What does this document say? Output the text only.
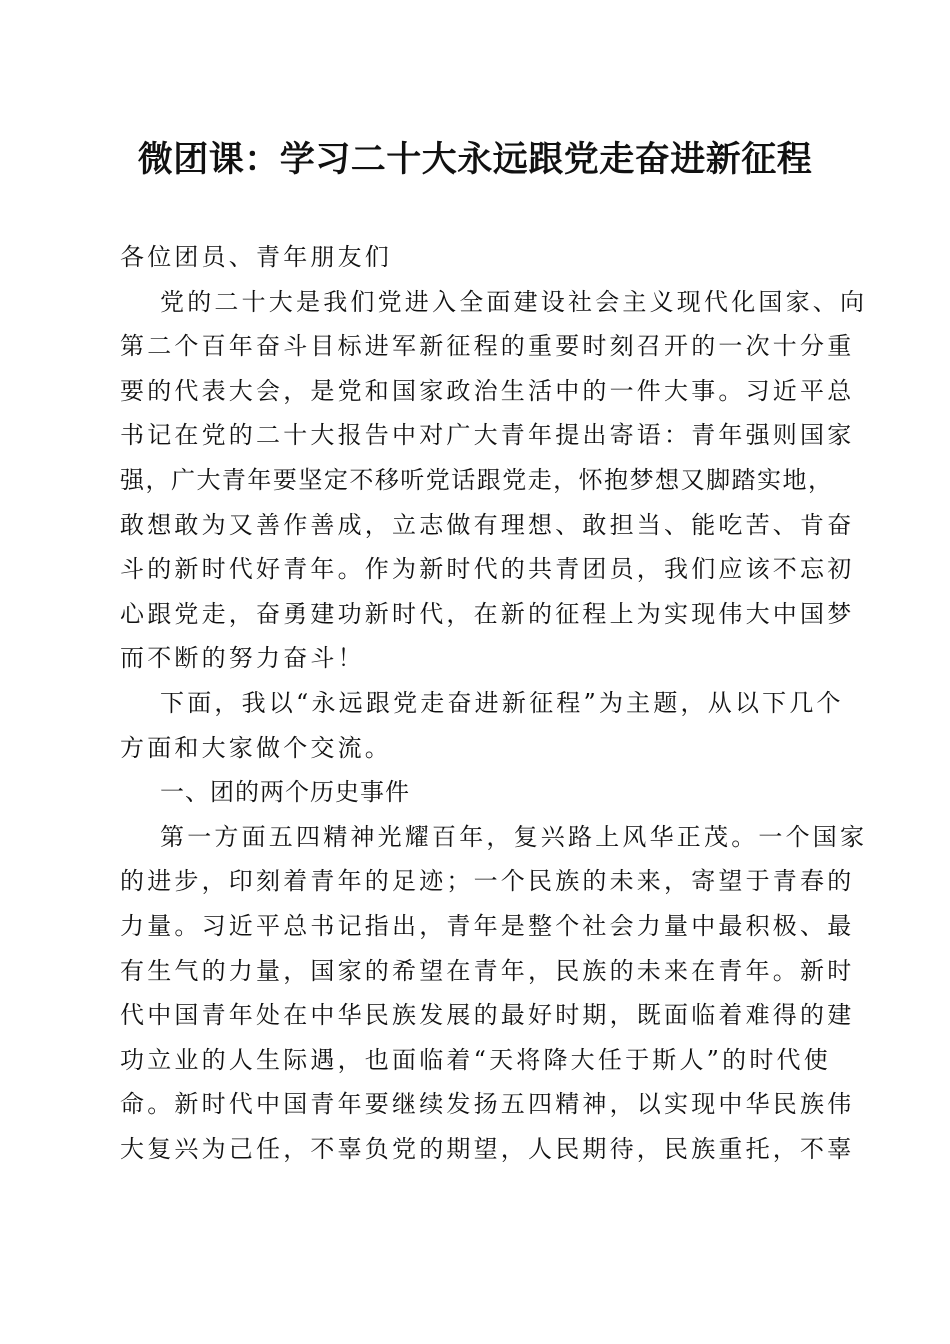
微团课：学习二十大永远跟党走奋进新征程
各位团员、青年朋友们
党的二十大是我们党进入全面建设社会主义现代化国家、向
第二个百年奋斗目标进军新征程的重要时刻召开的一次十分重
要的代表大会，是党和国家政治生活中的一件大事。习近平总
书记在党的二十大报告中对广大青年提出寄语：青年强则国家
强，广大青年要坚定不移听党话跟党走，怀抱梦想又脚踏实地，
敢想敢为又善作善成，立志做有理想、敢担当、能吃苦、肯奋
斗的新时代好青年。作为新时代的共青团员，我们应该不忘初
心跟党走，奋勇建功新时代，在新的征程上为实现伟大中国梦
而不断的努力奋斗！
下面，我以“永远跟党走奋进新征程”为主题，从以下几个
方面和大家做个交流。
一、团的两个历史事件
第一方面五四精神光耀百年，复兴路上风华正茂。一个国家
的进步，印刻着青年的足迹；一个民族的未来，寄望于青春的
力量。习近平总书记指出，青年是整个社会力量中最积极、最
有生气的力量，国家的希望在青年，民族的未来在青年。新时
代中国青年处在中华民族发展的最好时期，既面临着难得的建
功立业的人生际遇，也面临着“天将降大任于斯人”的时代使
命。新时代中国青年要继续发扬五四精神，以实现中华民族伟
大复兴为己任，不辜负党的期望，人民期待，民族重托，不辜
